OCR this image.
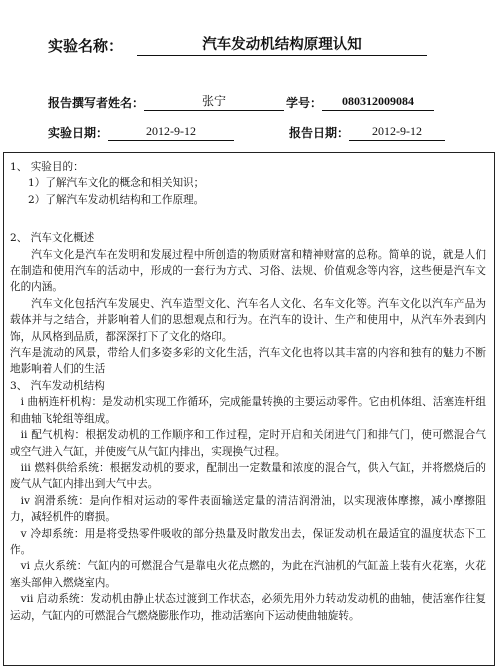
实验名称：	汽车发动机结构原理认知
报告撰写者姓名：	张宁	学号：	080312009084
实验日期：	2012-9-12	报告日期：	2012-9-12

1、 实验目的：

1）了解汽车文化的概念和相关知识；

2）了解汽车发动机结构和工作原理。

2、 汽车文化概述

汽车文化是汽车在发明和发展过程中所创造的物质财富和精神财富的总称。简单的说，就是人们在制造和使用汽车的活动中，形成的一套行为方式、习俗、法规、价值观念等内容，这些便是汽车文化的内涵。

汽车文化包括汽车发展史、汽车造型文化、汽车名人文化、名车文化等。汽车文化以汽车产品为载体并与之结合，并影响着人们的思想观点和行为。在汽车的设计、生产和使用中，从汽车外表到内饰，从风格到品质，都深深打下了文化的烙印。

汽车是流动的风景，带给人们多姿多彩的文化生活，汽车文化也将以其丰富的内容和独有的魅力不断地影响着人们的生活

3、 汽车发动机结构

ⅰ 曲柄连杆机构：是发动机实现工作循环，完成能量转换的主要运动零件。它由机体组、活塞连杆组和曲轴飞轮组等组成。

ⅱ 配气机构：根据发动机的工作顺序和工作过程，定时开启和关闭进气门和排气门，使可燃混合气或空气进入气缸，并使废气从气缸内排出，实现换气过程。

ⅲ 燃料供给系统：根据发动机的要求，配制出一定数量和浓度的混合气，供入气缸，并将燃烧后的废气从气缸内排出到大气中去。

ⅳ 润滑系统：是向作相对运动的零件表面输送定量的清洁润滑油，以实现液体摩擦，减小摩擦阻力，减轻机件的磨损。

ⅴ 冷却系统：用是将受热零件吸收的部分热量及时散发出去，保证发动机在最适宜的温度状态下工作。

ⅵ 点火系统：气缸内的可燃混合气是靠电火花点燃的，为此在汽油机的气缸盖上装有火花塞，火花塞头部伸入燃烧室内。

ⅶ 启动系统：发动机由静止状态过渡到工作状态，必须先用外力转动发动机的曲轴，使活塞作往复运动，气缸内的可燃混合气燃烧膨胀作功，推动活塞向下运动使曲轴旋转。
